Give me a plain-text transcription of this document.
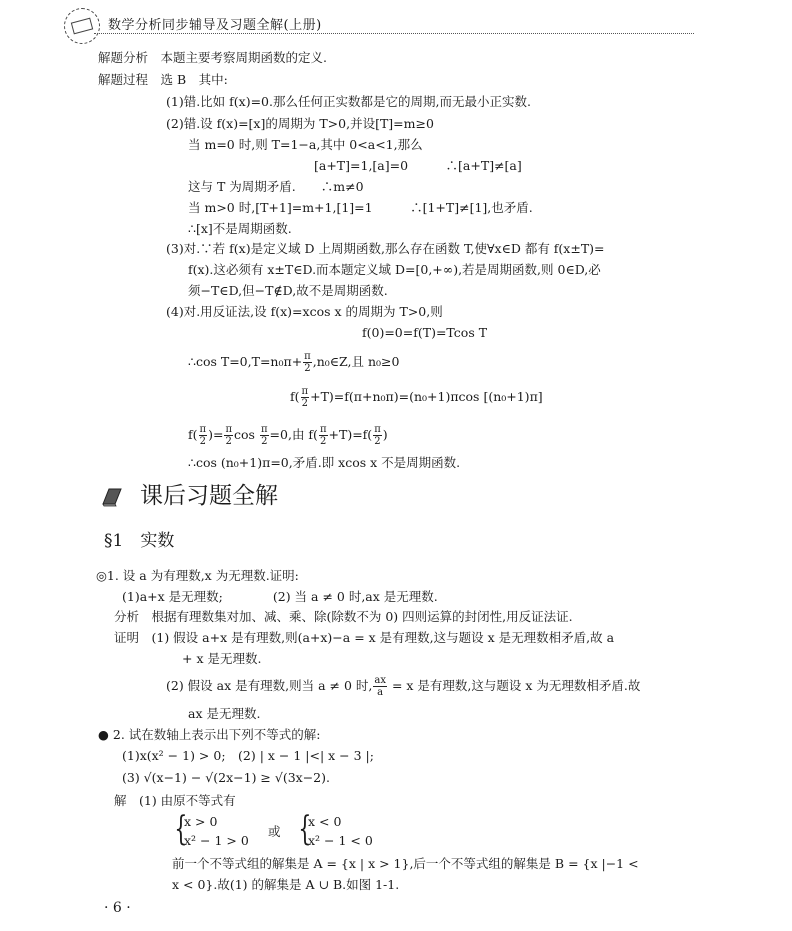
数学分析同步辅导及习题全解(上册)
解题分析　本题主要考察周期函数的定义.
解题过程　选 B　其中:
(1)错.比如 f(x)=0.那么任何正实数都是它的周期,而无最小正实数.
(2)错.设 f(x)=[x]的周期为 T>0,并设[T]=m≥0
当 m=0 时,则 T=1−a,其中 0<a<1,那么
[a+T]=1,[a]=0　　　∴[a+T]≠[a]
这与 T 为周期矛盾.　　∴m≠0
当 m>0 时,[T+1]=m+1,[1]=1　　　∴[1+T]≠[1],也矛盾.
∴[x]不是周期函数.
(3)对.∵若 f(x)是定义域 D 上周期函数,那么存在函数 T,使∀x∈D 都有 f(x±T)=
f(x).这必须有 x±T∈D.而本题定义域 D=[0,+∞),若是周期函数,则 0∈D,必
须−T∈D,但−T∉D,故不是周期函数.
(4)对.用反证法,设 f(x)=xcos x 的周期为 T>0,则
f(0)=0=f(T)=Tcos T
∴cos $T=0,T=n_0\pi+ \frac{\pi}{2}$ ,n₀∈Z,且 n₀≥0
$f( \frac{\pi}{2} +T)=f(\pi+n_0\pi)=(n_0+1)\pi\cos$ [(n₀+1)π]
$f( \frac{\pi}{2}$ )= $\frac{\pi}{2}$ $\cos \frac{\pi}{2} =0$,由 $f( \frac{\pi}{2} +T)=f( \frac{\pi}{2}$ )
∴cos (n₀+1)π=0,矛盾.即 xcos x 不是周期函数.
课后习题全解
§1　实数
◎1. 设 a 为有理数,x 为无理数.证明:
(1)a+x 是无理数;　　　　(2) 当 a ≠ 0 时,ax 是无理数.
分析　根据有理数集对加、减、乘、除(除数不为 0) 四则运算的封闭性,用反证法证.
证明　(1) 假设 a+x 是有理数,则(a+x)−a = x 是有理数,这与题设 x 是无理数相矛盾,故 a
+ x 是无理数.
(2) 假设 ax 是有理数,则当 a ≠ 0 时, $\frac{ax}{a} = x$ 是有理数,这与题设 x 为无理数相矛盾.故
ax 是无理数.
● 2. 试在数轴上表示出下列不等式的解:
(1)x(x² − 1) > 0;　(2) | x − 1 |<| x − 3 |;
(3) √(x−1) − √(2x−1) ≥ √(3x−2).
解　(1) 由原不等式有
{
x > 0
x² − 1 > 0
或 {
x < 0
x² − 1 < 0
前一个不等式组的解集是 A = {x | x > 1},后一个不等式组的解集是 B = {x |−1 <
x < 0}.故(1) 的解集是 A ∪ B.如图 1-1.
· 6 ·
